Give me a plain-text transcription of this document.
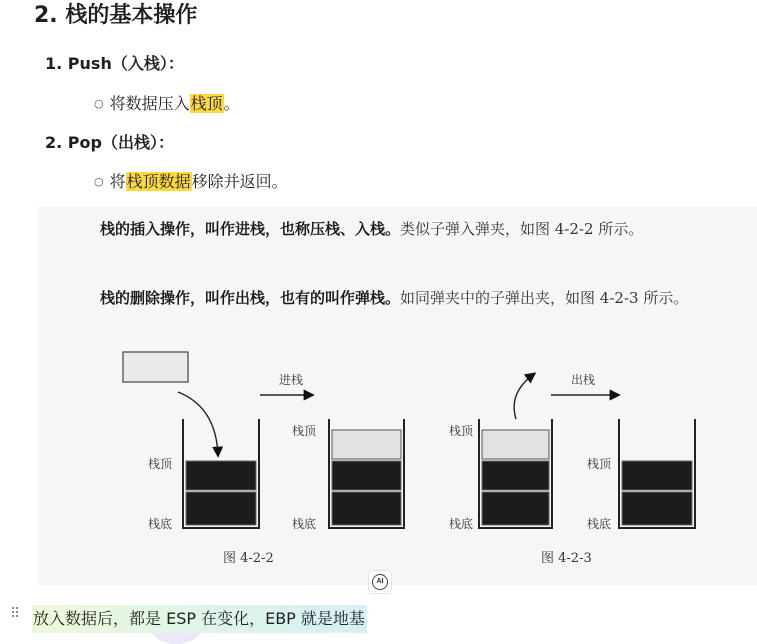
2. 栈的基本操作
1. Push（入栈）：
○ 将数据压入栈顶。
2. Pop（出栈）：
○ 将栈顶数据移除并返回。
栈的插入操作，叫作进栈，也称压栈、入栈。类似子弹入弹夹，如图 4-2-2 所示。
栈的删除操作，叫作出栈，也有的叫作弹栈。如同弹夹中的子弹出夹，如图 4-2-3 所示。
栈顶
栈底
进栈
栈顶
栈底
图 4-2-2
栈顶
栈底
出栈
栈顶
栈底
图 4-2-3
AI
⠿ 放入数据后，都是 ESP 在变化，EBP 就是地基
